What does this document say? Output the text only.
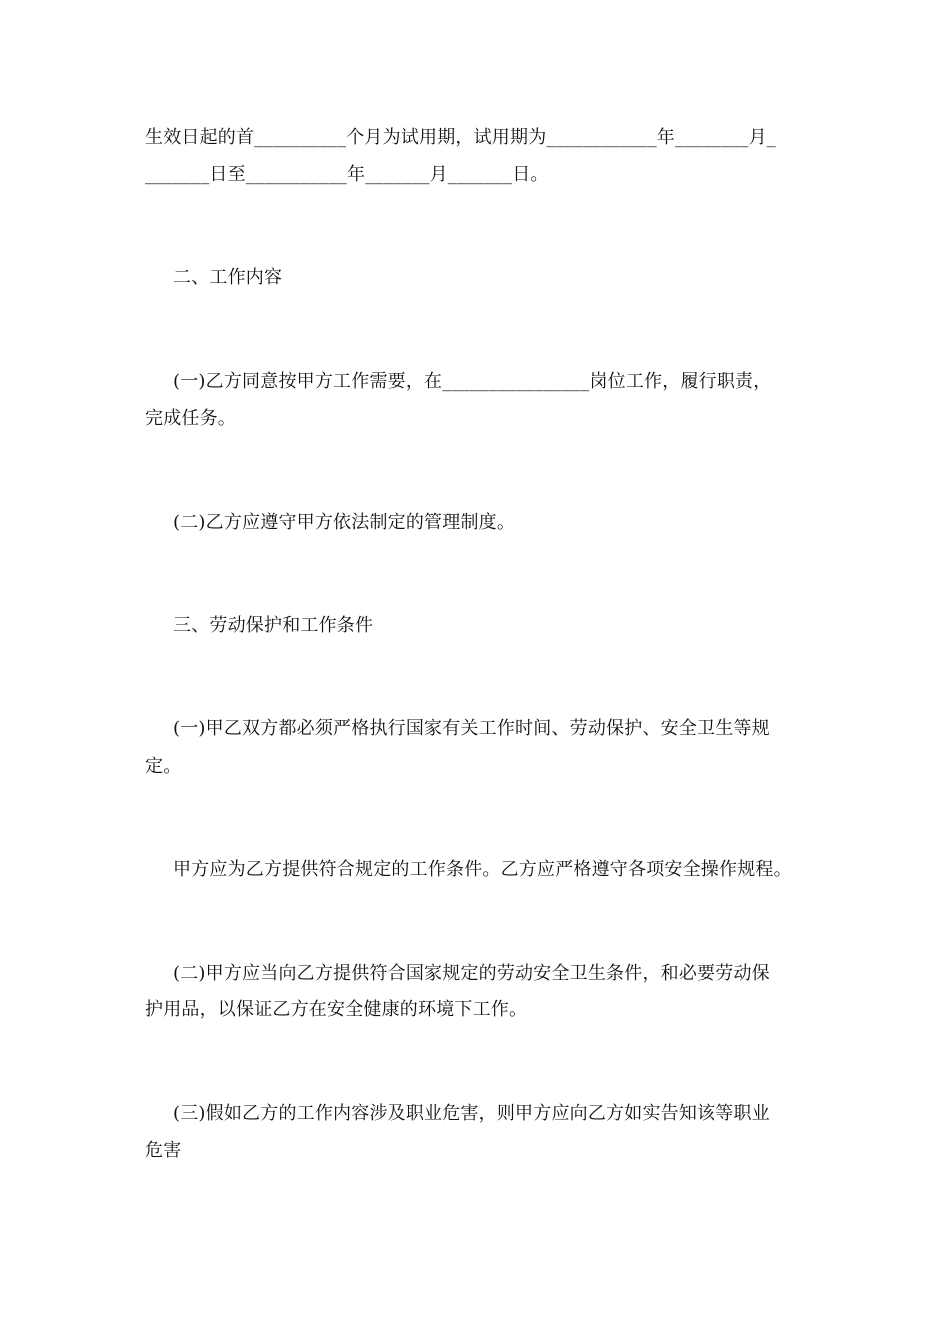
生效日起的首__________个月为试用期，试用期为____________年________月_
_______日至___________年_______月_______日。
二、工作内容
(一)乙方同意按甲方工作需要，在________________岗位工作，履行职责，
完成任务。
(二)乙方应遵守甲方依法制定的管理制度。
三、劳动保护和工作条件
(一)甲乙双方都必须严格执行国家有关工作时间、劳动保护、安全卫生等规
定。
甲方应为乙方提供符合规定的工作条件。乙方应严格遵守各项安全操作规程。
(二)甲方应当向乙方提供符合国家规定的劳动安全卫生条件，和必要劳动保
护用品，以保证乙方在安全健康的环境下工作。
(三)假如乙方的工作内容涉及职业危害，则甲方应向乙方如实告知该等职业
危害
